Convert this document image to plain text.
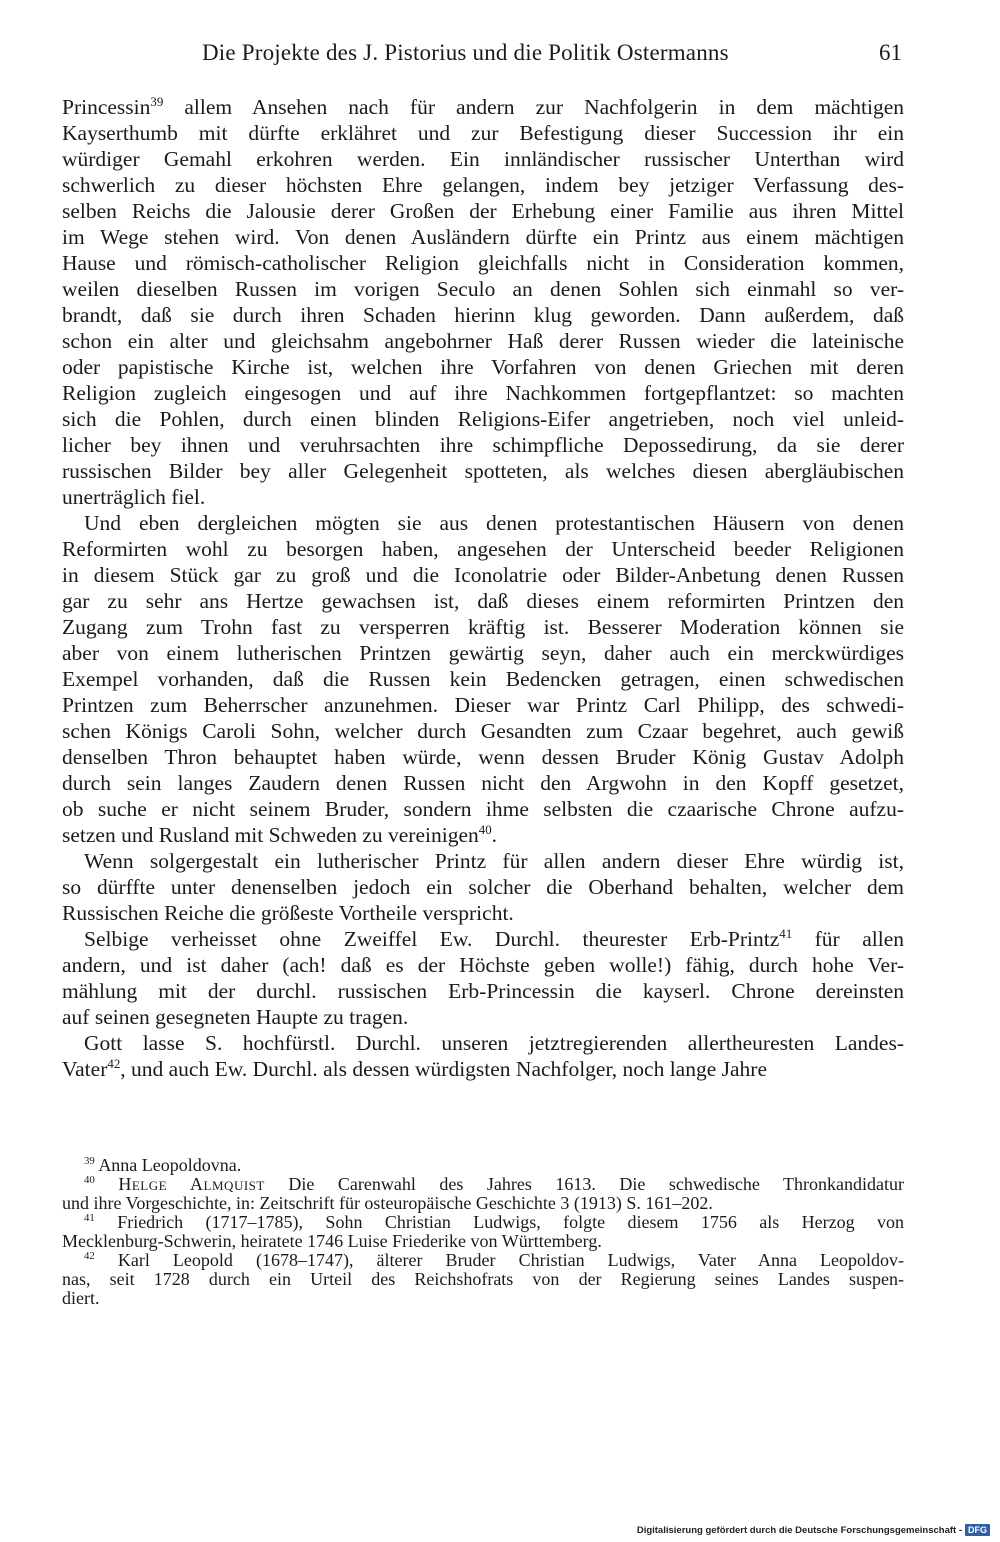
Die Projekte des J. Pistorius und die Politik Ostermanns	61
Princessin$^{39}$ allem Ansehen nach für andern zur Nachfolgerin in dem mächtigen
Kayserthumb mit dürfte erklähret und zur Befestigung dieser Succession ihr ein
würdiger Gemahl erkohren werden. Ein innländischer russischer Unterthan wird
schwerlich zu dieser höchsten Ehre gelangen, indem bey jetziger Verfassung des-
selben Reichs die Jalousie derer Großen der Erhebung einer Familie aus ihren Mittel
im Wege stehen wird. Von denen Ausländern dürfte ein Printz aus einem mächtigen
Hause und römisch-catholischer Religion gleichfalls nicht in Consideration kommen,
weilen dieselben Russen im vorigen Seculo an denen Sohlen sich einmahl so ver-
brandt, daß sie durch ihren Schaden hierinn klug geworden. Dann außerdem, daß
schon ein alter und gleichsahm angebohrner Haß derer Russen wieder die lateinische
oder papistische Kirche ist, welchen ihre Vorfahren von denen Griechen mit deren
Religion zugleich eingesogen und auf ihre Nachkommen fortgepflantzet: so machten
sich die Pohlen, durch einen blinden Religions-Eifer angetrieben, noch viel unleid-
licher bey ihnen und veruhrsachten ihre schimpfliche Depossedirung, da sie derer
russischen Bilder bey aller Gelegenheit spotteten, als welches diesen abergläubischen
unerträglich fiel.
Und eben dergleichen mögten sie aus denen protestantischen Häusern von denen
Reformirten wohl zu besorgen haben, angesehen der Unterscheid beeder Religionen
in diesem Stück gar zu groß und die Iconolatrie oder Bilder-Anbetung denen Russen
gar zu sehr ans Hertze gewachsen ist, daß dieses einem reformirten Printzen den
Zugang zum Trohn fast zu versperren kräftig ist. Besserer Moderation können sie
aber von einem lutherischen Printzen gewärtig seyn, daher auch ein merckwürdiges
Exempel vorhanden, daß die Russen kein Bedencken getragen, einen schwedischen
Printzen zum Beherrscher anzunehmen. Dieser war Printz Carl Philipp, des schwedi-
schen Königs Caroli Sohn, welcher durch Gesandten zum Czaar begehret, auch gewiß
denselben Thron behauptet haben würde, wenn dessen Bruder König Gustav Adolph
durch sein langes Zaudern denen Russen nicht den Argwohn in den Kopff gesetzet,
ob suche er nicht seinem Bruder, sondern ihme selbsten die czaarische Chrone aufzu-
setzen und Rusland mit Schweden zu vereinigen$^{40}$.
Wenn solgergestalt ein lutherischer Printz für allen andern dieser Ehre würdig ist,
so dürffte unter denenselben jedoch ein solcher die Oberhand behalten, welcher dem
Russischen Reiche die größeste Vortheile verspricht.
Selbige verheisset ohne Zweiffel Ew. Durchl. theurester Erb-Printz$^{41}$ für allen
andern, und ist daher (ach! daß es der Höchste geben wolle!) fähig, durch hohe Ver-
mählung mit der durchl. russischen Erb-Princessin die kayserl. Chrone dereinsten
auf seinen gesegneten Haupte zu tragen.
Gott lasse S. hochfürstl. Durchl. unseren jetztregierenden allertheuresten Landes-
Vater$^{42}$, und auch Ew. Durchl. als dessen würdigsten Nachfolger, noch lange Jahre
$^{39}$ Anna Leopoldovna.
$^{40}$ Helge Almquist Die Carenwahl des Jahres 1613. Die schwedische Thronkandidatur
und ihre Vorgeschichte, in: Zeitschrift für osteuropäische Geschichte 3 (1913) S. 161–202.
$^{41}$ Friedrich (1717–1785), Sohn Christian Ludwigs, folgte diesem 1756 als Herzog von
Mecklenburg-Schwerin, heiratete 1746 Luise Friederike von Württemberg.
$^{42}$ Karl Leopold (1678–1747), älterer Bruder Christian Ludwigs, Vater Anna Leopoldov-
nas, seit 1728 durch ein Urteil des Reichshofrats von der Regierung seines Landes suspen-
diert.
Digitalisierung gefördert durch die Deutsche Forschungsgemeinschaft - DFG
